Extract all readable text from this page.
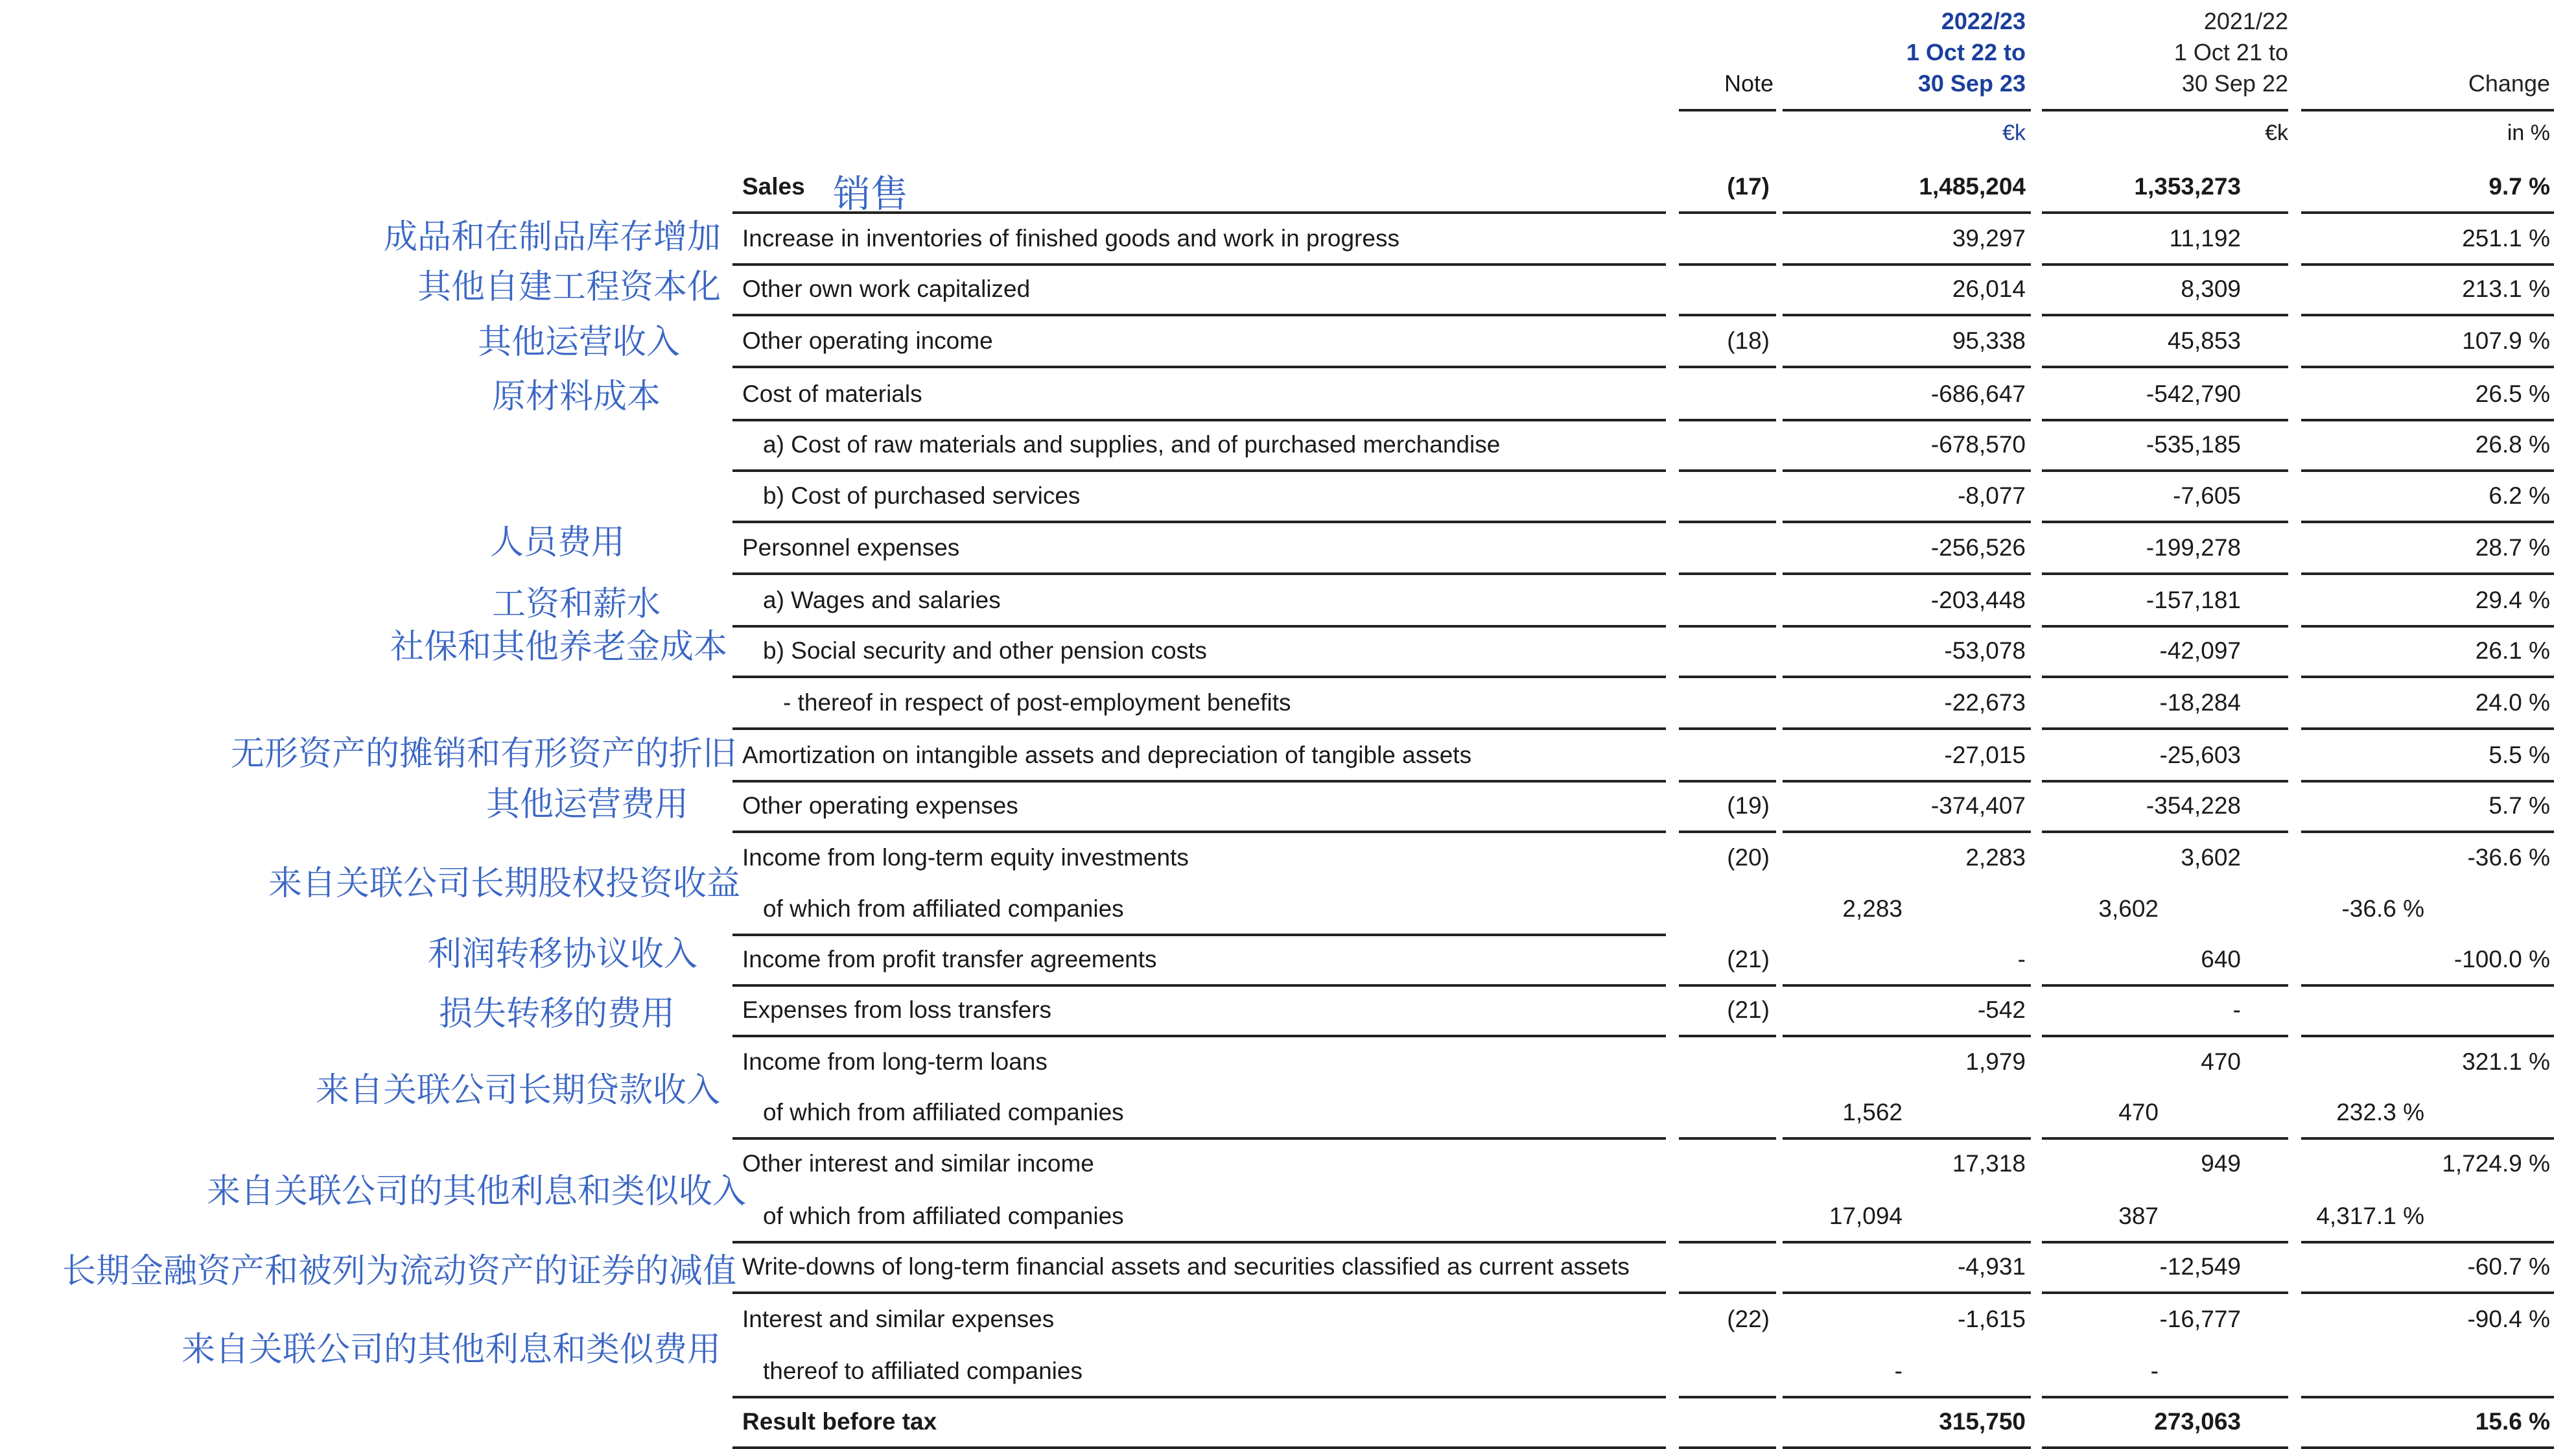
Note
2022/23
1 Oct 22 to
30 Sep 23
2021/22
1 Oct 21 to
30 Sep 22	Change
€k	€k	in %
Sales	(17)	1,485,204	1,353,273	9.7 %
Increase in inventories of finished goods and work in progress	39,297	11,192	251.1 %
Other own work capitalized	26,014	8,309	213.1 %
Other operating income	(18)	95,338	45,853	107.9 %
Cost of materials	-686,647	-542,790	26.5 %
a) Cost of raw materials and supplies, and of purchased merchandise	-678,570	-535,185	26.8 %
b) Cost of purchased services	-8,077	-7,605	6.2 %
Personnel expenses	-256,526	-199,278	28.7 %
a) Wages and salaries	-203,448	-157,181	29.4 %
b) Social security and other pension costs	-53,078	-42,097	26.1 %
- thereof in respect of post-employment benefits	-22,673	-18,284	24.0 %
Amortization on intangible assets and depreciation of tangible assets	-27,015	-25,603	5.5 %
Other operating expenses	(19)	-374,407	-354,228	5.7 %
Income from long-term equity investments	(20)	2,283	3,602	-36.6 %
of which from affiliated companies	2,283	3,602	-36.6 %
Income from profit transfer agreements	(21)	-	640	-100.0 %
Expenses from loss transfers	(21)	-542	-
Income from long-term loans	1,979	470	321.1 %
of which from affiliated companies	1,562	470	232.3 %
Other interest and similar income	17,318	949	1,724.9 %
of which from affiliated companies	17,094	387	4,317.1 %
Write-downs of long-term financial assets and securities classified as current assets	-4,931	-12,549	-60.7 %
Interest and similar expenses	(22)	-1,615	-16,777	-90.4 %
thereof to affiliated companies	-	-
Result before tax	315,750	273,063	15.6 %
销售
成品和在制品库存增加
其他自建工程资本化
其他运营收入
原材料成本
人员费用
工资和薪水
社保和其他养老金成本
无形资产的摊销和有形资产的折旧
其他运营费用
来自关联公司长期股权投资收益
利润转移协议收入
损失转移的费用
来自关联公司长期贷款收入
来自关联公司的其他利息和类似收入
长期金融资产和被列为流动资产的证券的减值
来自关联公司的其他利息和类似费用
